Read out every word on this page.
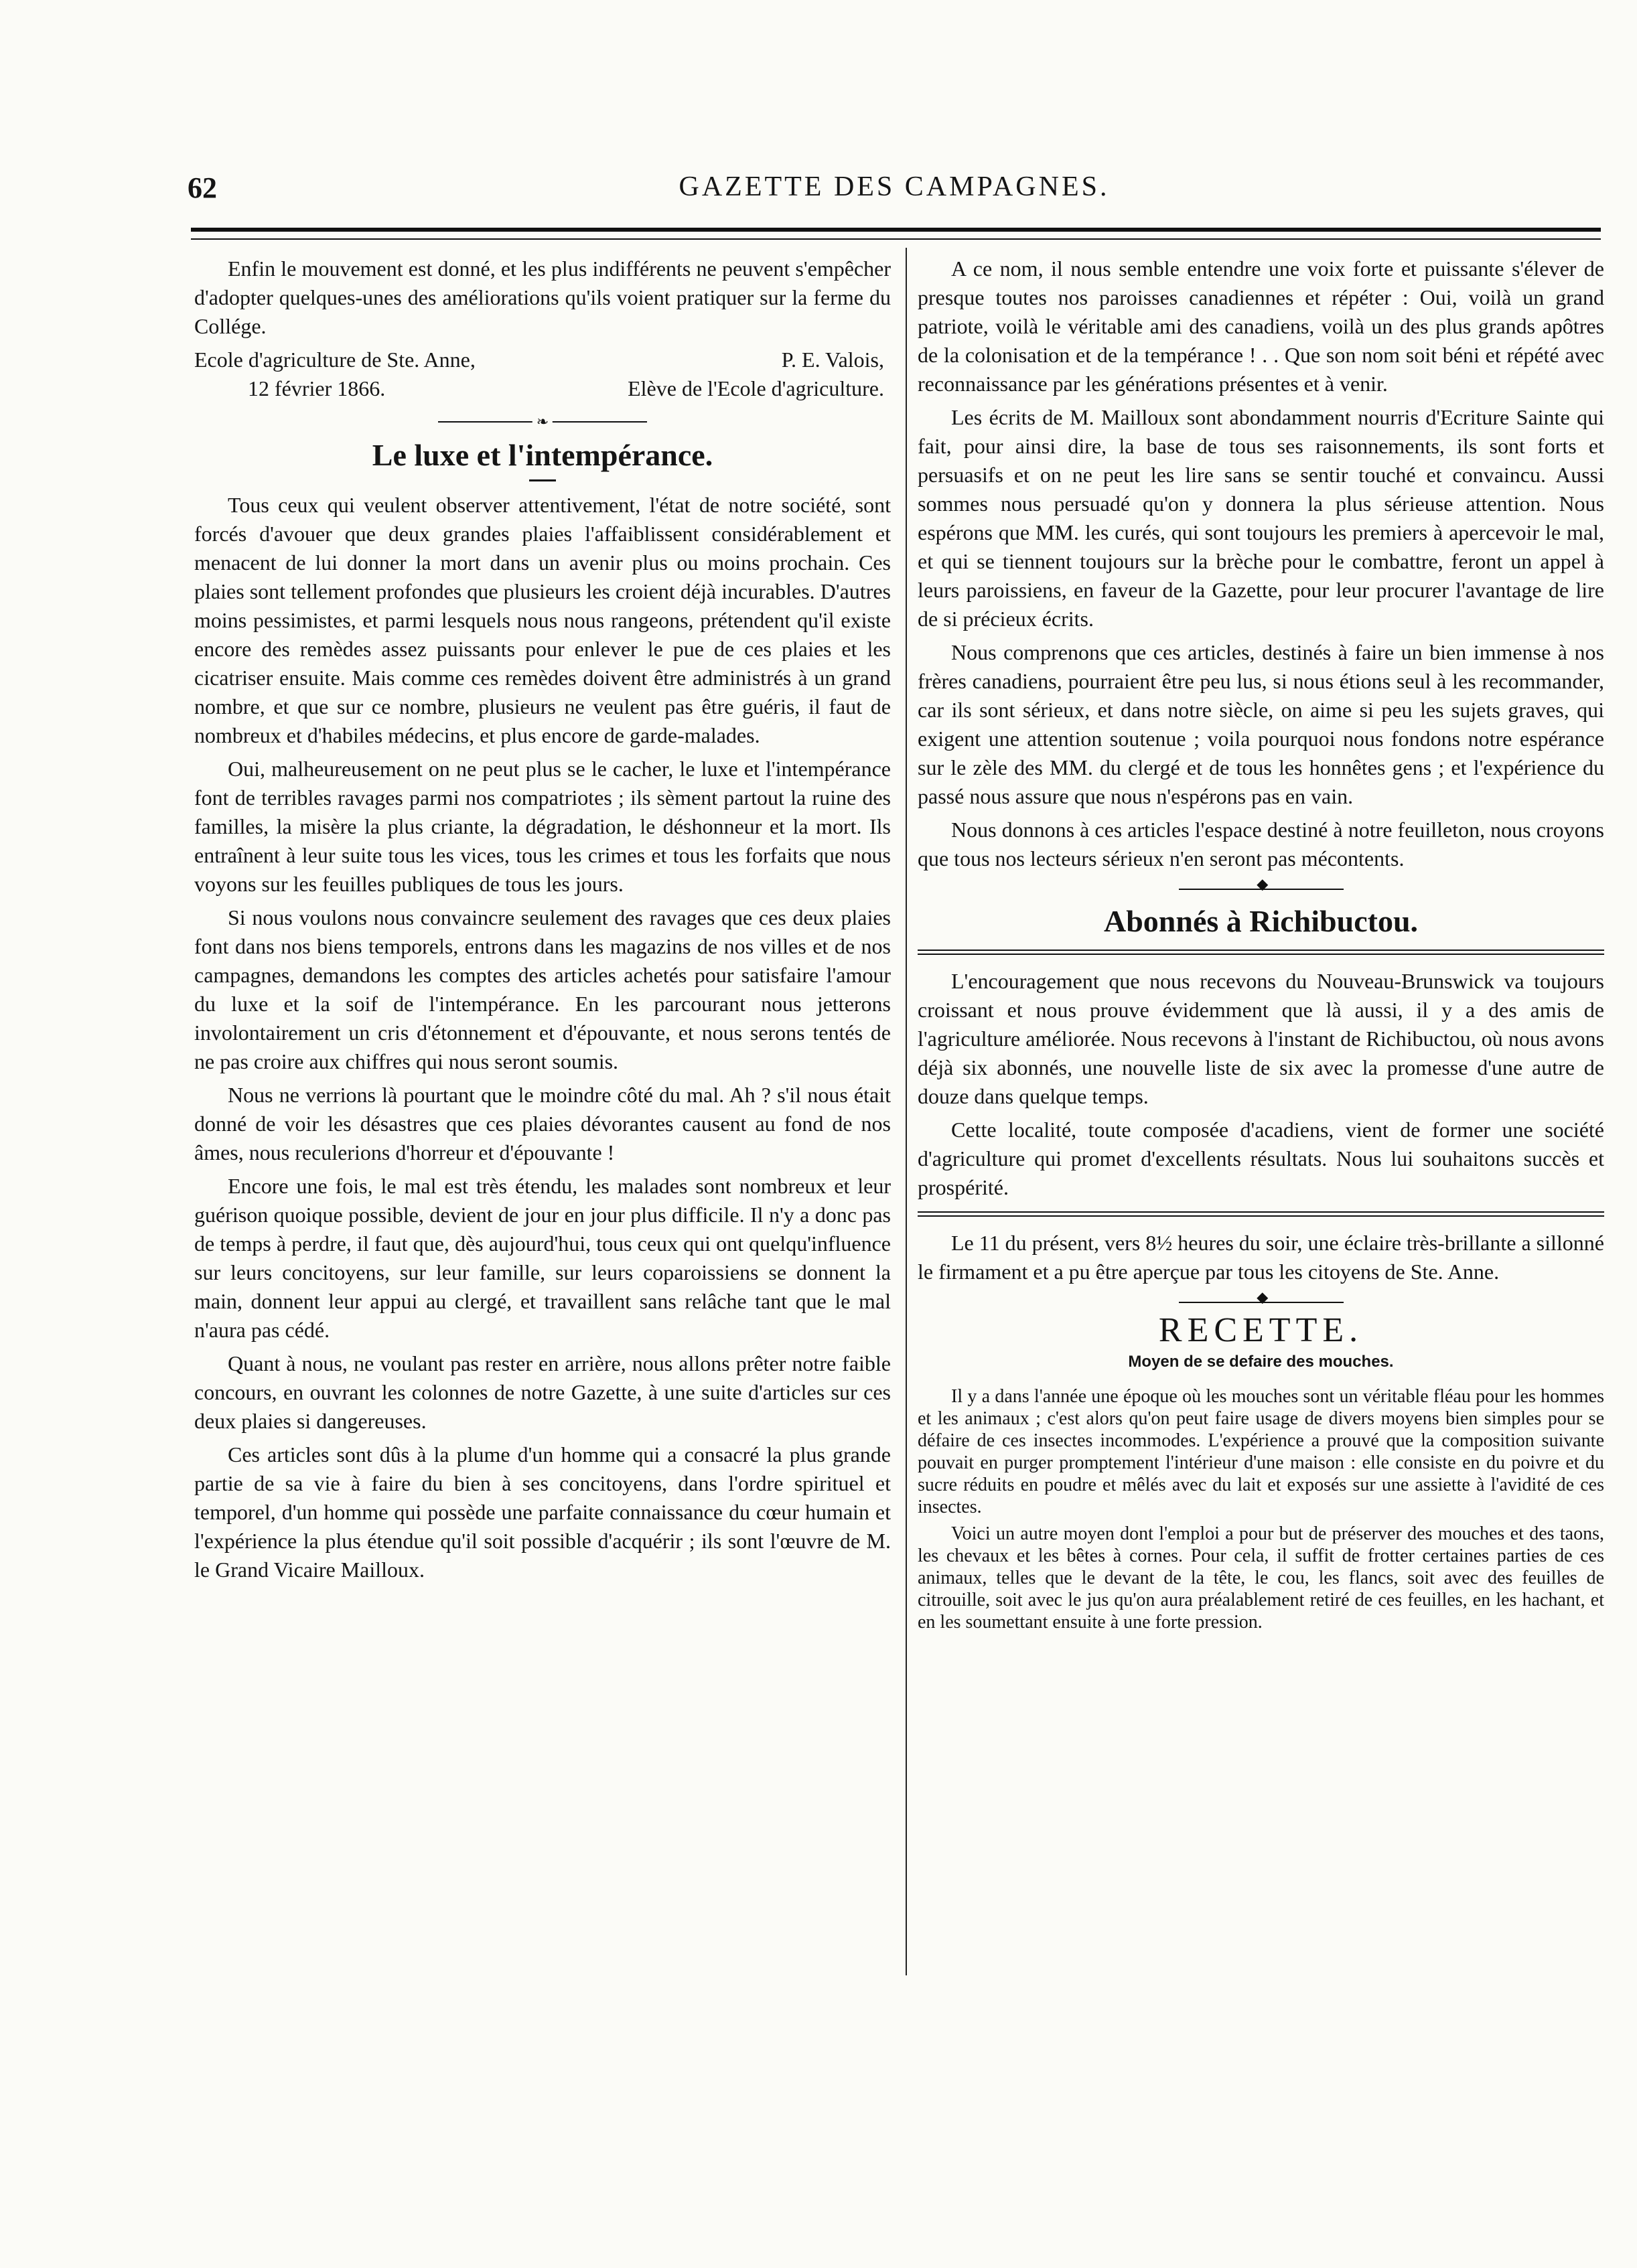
62	GAZETTE DES CAMPAGNES.

Enfin le mouvement est donné, et les plus indifférents ne peuvent s'empêcher d'adopter quelques-unes des améliorations qu'ils voient pratiquer sur la ferme du Collége.

Ecole d'agriculture de Ste. Anne,	P. E. Valois,
12 février 1866.	Elève de l'Ecole d'agriculture.
❧
Le luxe et l'intempérance.

Tous ceux qui veulent observer attentivement, l'état de notre société, sont forcés d'avouer que deux grandes plaies l'affaiblissent considérablement et menacent de lui donner la mort dans un avenir plus ou moins prochain. Ces plaies sont tellement profondes que plusieurs les croient déjà incurables. D'autres moins pessimistes, et parmi lesquels nous nous rangeons, prétendent qu'il existe encore des remèdes assez puissants pour enlever le pue de ces plaies et les cicatriser ensuite. Mais comme ces remèdes doivent être administrés à un grand nombre, et que sur ce nombre, plusieurs ne veulent pas être guéris, il faut de nombreux et d'habiles médecins, et plus encore de garde-malades.

Oui, malheureusement on ne peut plus se le cacher, le luxe et l'intempérance font de terribles ravages parmi nos compatriotes ; ils sèment partout la ruine des familles, la misère la plus criante, la dégradation, le déshonneur et la mort. Ils entraînent à leur suite tous les vices, tous les crimes et tous les forfaits que nous voyons sur les feuilles publiques de tous les jours.

Si nous voulons nous convaincre seulement des ravages que ces deux plaies font dans nos biens temporels, entrons dans les magazins de nos villes et de nos campagnes, demandons les comptes des articles achetés pour satisfaire l'amour du luxe et la soif de l'intempérance. En les parcourant nous jetterons involontairement un cris d'étonnement et d'épouvante, et nous serons tentés de ne pas croire aux chiffres qui nous seront soumis.

Nous ne verrions là pourtant que le moindre côté du mal. Ah ? s'il nous était donné de voir les désastres que ces plaies dévorantes causent au fond de nos âmes, nous reculerions d'horreur et d'épouvante !

Encore une fois, le mal est très étendu, les malades sont nombreux et leur guérison quoique possible, devient de jour en jour plus difficile. Il n'y a donc pas de temps à perdre, il faut que, dès aujourd'hui, tous ceux qui ont quelqu'influence sur leurs concitoyens, sur leur famille, sur leurs coparoissiens se donnent la main, donnent leur appui au clergé, et travaillent sans relâche tant que le mal n'aura pas cédé.

Quant à nous, ne voulant pas rester en arrière, nous allons prêter notre faible concours, en ouvrant les colonnes de notre Gazette, à une suite d'articles sur ces deux plaies si dangereuses.

Ces articles sont dûs à la plume d'un homme qui a consacré la plus grande partie de sa vie à faire du bien à ses concitoyens, dans l'ordre spirituel et temporel, d'un homme qui possède une parfaite connaissance du cœur humain et l'expérience la plus étendue qu'il soit possible d'acquérir ; ils sont l'œuvre de M. le Grand Vicaire Mailloux.

A ce nom, il nous semble entendre une voix forte et puissante s'élever de presque toutes nos paroisses canadiennes et répéter : Oui, voilà un grand patriote, voilà le véritable ami des canadiens, voilà un des plus grands apôtres de la colonisation et de la tempérance ! . . Que son nom soit béni et répété avec reconnaissance par les générations présentes et à venir.

Les écrits de M. Mailloux sont abondamment nourris d'Ecriture Sainte qui fait, pour ainsi dire, la base de tous ses raisonnements, ils sont forts et persuasifs et on ne peut les lire sans se sentir touché et convaincu. Aussi sommes nous persuadé qu'on y donnera la plus sérieuse attention. Nous espérons que MM. les curés, qui sont toujours les premiers à apercevoir le mal, et qui se tiennent toujours sur la brèche pour le combattre, feront un appel à leurs paroissiens, en faveur de la Gazette, pour leur procurer l'avantage de lire de si précieux écrits.

Nous comprenons que ces articles, destinés à faire un bien immense à nos frères canadiens, pourraient être peu lus, si nous étions seul à les recommander, car ils sont sérieux, et dans notre siècle, on aime si peu les sujets graves, qui exigent une attention soutenue ; voila pourquoi nous fondons notre espérance sur le zèle des MM. du clergé et de tous les honnêtes gens ; et l'expérience du passé nous assure que nous n'espérons pas en vain.

Nous donnons à ces articles l'espace destiné à notre feuilleton, nous croyons que tous nos lecteurs sérieux n'en seront pas mécontents.

Abonnés à Richibuctou.

L'encouragement que nous recevons du Nouveau-Brunswick va toujours croissant et nous prouve évidemment que là aussi, il y a des amis de l'agriculture améliorée. Nous recevons à l'instant de Richibuctou, où nous avons déjà six abonnés, une nouvelle liste de six avec la promesse d'une autre de douze dans quelque temps.

Cette localité, toute composée d'acadiens, vient de former une société d'agriculture qui promet d'excellents résultats. Nous lui souhaitons succès et prospérité.

Le 11 du présent, vers 8½ heures du soir, une éclaire très-brillante a sillonné le firmament et a pu être aperçue par tous les citoyens de Ste. Anne.

RECETTE.
Moyen de se defaire des mouches.

Il y a dans l'année une époque où les mouches sont un véritable fléau pour les hommes et les animaux ; c'est alors qu'on peut faire usage de divers moyens bien simples pour se défaire de ces insectes incommodes. L'expérience a prouvé que la composition suivante pouvait en purger promptement l'intérieur d'une maison : elle consiste en du poivre et du sucre réduits en poudre et mêlés avec du lait et exposés sur une assiette à l'avidité de ces insectes.

Voici un autre moyen dont l'emploi a pour but de préserver des mouches et des taons, les chevaux et les bêtes à cornes. Pour cela, il suffit de frotter certaines parties de ces animaux, telles que le devant de la tête, le cou, les flancs, soit avec des feuilles de citrouille, soit avec le jus qu'on aura préalablement retiré de ces feuilles, en les hachant, et en les soumettant ensuite à une forte pression.
